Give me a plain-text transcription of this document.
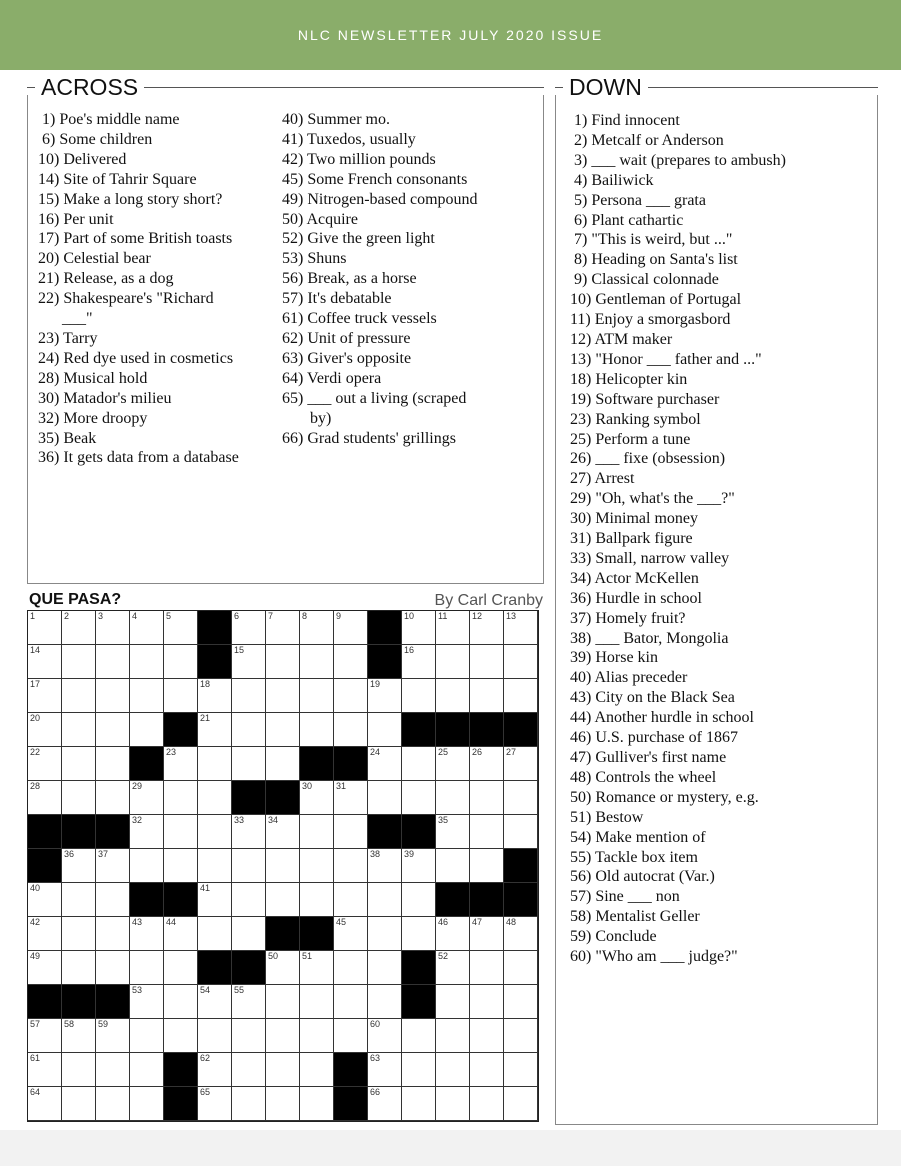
NLC NEWSLETTER JULY 2020 ISSUE
ACROSS
1) Poe's middle name
6) Some children
10) Delivered
14) Site of Tahrir Square
15) Make a long story short?
16) Per unit
17) Part of some British toasts
20) Celestial bear
21) Release, as a dog
22) Shakespeare's "Richard
___"
23) Tarry
24) Red dye used in cosmetics
28) Musical hold
30) Matador's milieu
32) More droopy
35) Beak
36) It gets data from a database
40) Summer mo.
41) Tuxedos, usually
42) Two million pounds
45) Some French consonants
49) Nitrogen-based compound
50) Acquire
52) Give the green light
53) Shuns
56) Break, as a horse
57) It's debatable
61) Coffee truck vessels
62) Unit of pressure
63) Giver's opposite
64) Verdi opera
65) ___ out a living (scraped
by)
66) Grad students' grillings
DOWN
1) Find innocent
2) Metcalf or Anderson
3) ___ wait (prepares to ambush)
4) Bailiwick
5) Persona ___ grata
6) Plant cathartic
7) "This is weird, but ..."
8) Heading on Santa's list
9) Classical colonnade
10) Gentleman of Portugal
11) Enjoy a smorgasbord
12) ATM maker
13) "Honor ___ father and ..."
18) Helicopter kin
19) Software purchaser
23) Ranking symbol
25) Perform a tune
26) ___ fixe (obsession)
27) Arrest
29) "Oh, what's the ___?"
30) Minimal money
31) Ballpark figure
33) Small, narrow valley
34) Actor McKellen
36) Hurdle in school
37) Homely fruit?
38) ___ Bator, Mongolia
39) Horse kin
40) Alias preceder
43) City on the Black Sea
44) Another hurdle in school
46) U.S. purchase of 1867
47) Gulliver's first name
48) Controls the wheel
50) Romance or mystery, e.g.
51) Bestow
54) Make mention of
55) Tackle box item
56) Old autocrat (Var.)
57) Sine ___ non
58) Mentalist Geller
59) Conclude
60) "Who am ___ judge?"
QUE PASA?	By Carl Cranby
1	2	3	4	5	6	7	8	9	10	11	12	13
14	15	16
17	18	19
20	21
22	23	24	25	26	27
28	29	30	31
32	33	34	35
36	37	38	39
40	41
42	43	44	45	46	47	48
49	50	51	52
53	54	55
57	58	59	60
61	62	63
64	65	66
